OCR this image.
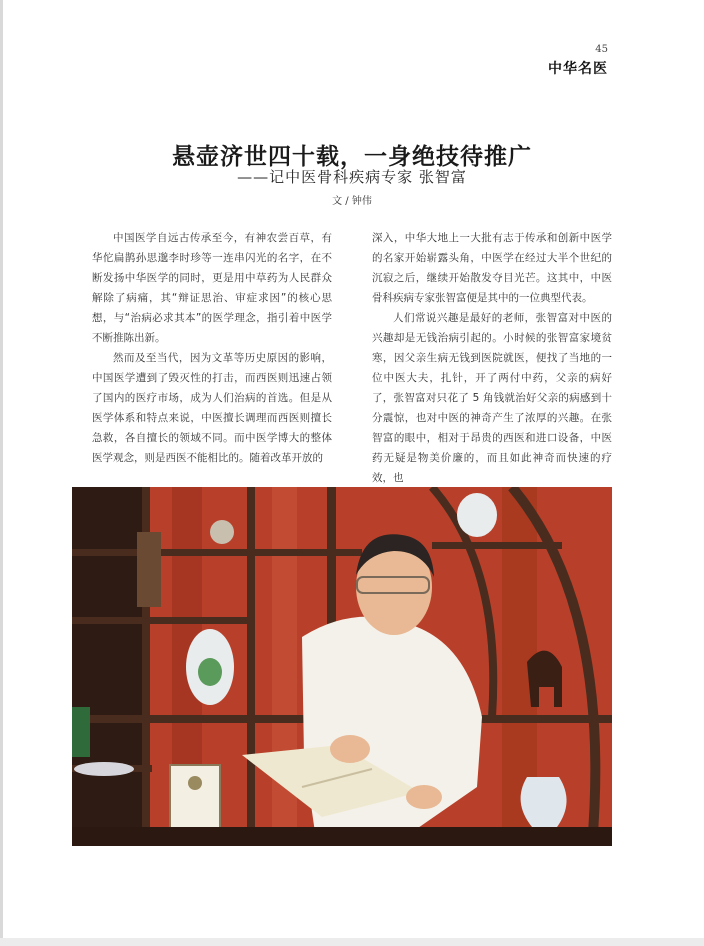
45
中华名医
悬壶济世四十载，一身绝技待推广
——记中医骨科疾病专家 张智富
文 / 钟伟

中国医学自远古传承至今，有神农尝百草，有华佗扁鹊孙思邈李时珍等一连串闪光的名字，在不断发扬中华医学的同时，更是用中草药为人民群众解除了病痛，其“辩证思治、审症求因”的核心思想，与“治病必求其本”的医学理念，指引着中医学不断推陈出新。

然而及至当代，因为文革等历史原因的影响，中国医学遭到了毁灭性的打击，而西医则迅速占领了国内的医疗市场，成为人们治病的首选。但是从医学体系和特点来说，中医擅长调理而西医则擅长急救，各自擅长的领域不同。而中医学博大的整体医学观念，则是西医不能相比的。随着改革开放的

深入，中华大地上一大批有志于传承和创新中医学的名家开始崭露头角，中医学在经过大半个世纪的沉寂之后，继续开始散发夺目光芒。这其中，中医骨科疾病专家张智富便是其中的一位典型代表。

人们常说兴趣是最好的老师，张智富对中医的兴趣却是无钱治病引起的。小时候的张智富家境贫寒，因父亲生病无钱到医院就医，便找了当地的一位中医大夫，扎针，开了两付中药，父亲的病好了，张智富对只花了 5 角钱就治好父亲的病感到十分震惊，也对中医的神奇产生了浓厚的兴趣。在张智富的眼中，相对于昂贵的西医和进口设备，中医药无疑是物美价廉的，而且如此神奇而快速的疗效，也
